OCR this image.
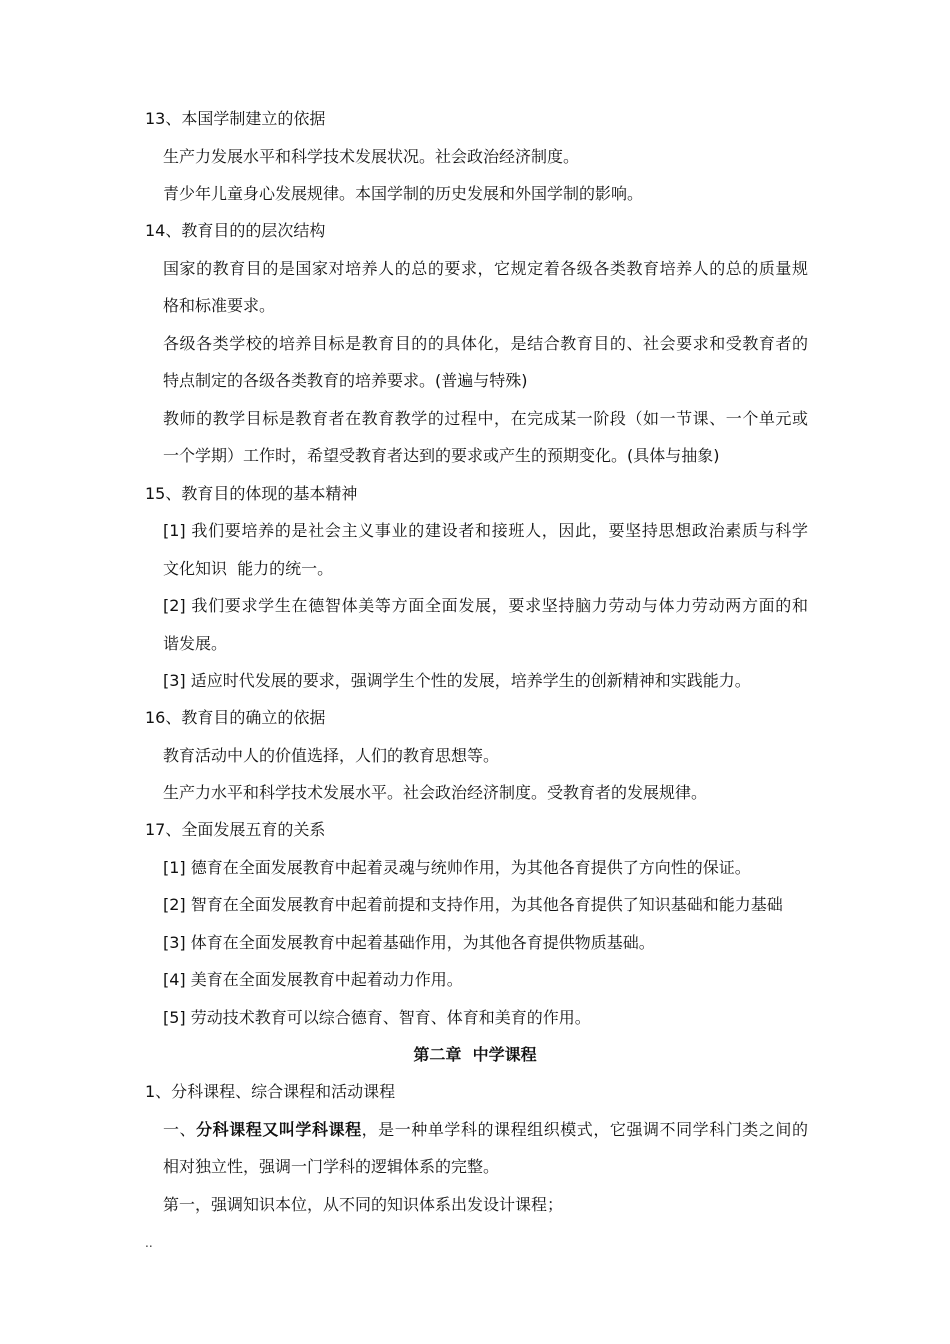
13、本国学制建立的依据
生产力发展水平和科学技术发展状况。社会政治经济制度。
青少年儿童身心发展规律。本国学制的历史发展和外国学制的影响。
14、教育目的的层次结构
国家的教育目的是国家对培养人的总的要求，它规定着各级各类教育培养人的总的质量规
格和标准要求。
各级各类学校的培养目标是教育目的的具体化，是结合教育目的、社会要求和受教育者的
特点制定的各级各类教育的培养要求。(普遍与特殊)
教师的教学目标是教育者在教育教学的过程中，在完成某一阶段（如一节课、一个单元或
一个学期）工作时，希望受教育者达到的要求或产生的预期变化。(具体与抽象)
15、教育目的体现的基本精神
[1] 我们要培养的是社会主义事业的建设者和接班人，因此，要坚持思想政治素质与科学
文化知识  能力的统一。
[2] 我们要求学生在德智体美等方面全面发展，要求坚持脑力劳动与体力劳动两方面的和
谐发展。
[3] 适应时代发展的要求，强调学生个性的发展，培养学生的创新精神和实践能力。
16、教育目的确立的依据
教育活动中人的价值选择，人们的教育思想等。
生产力水平和科学技术发展水平。社会政治经济制度。受教育者的发展规律。
17、全面发展五育的关系
[1] 德育在全面发展教育中起着灵魂与统帅作用，为其他各育提供了方向性的保证。
[2] 智育在全面发展教育中起着前提和支持作用，为其他各育提供了知识基础和能力基础
[3] 体育在全面发展教育中起着基础作用，为其他各育提供物质基础。
[4] 美育在全面发展教育中起着动力作用。
[5] 劳动技术教育可以综合德育、智育、体育和美育的作用。
第二章  中学课程
1、分科课程、综合课程和活动课程
一、分科课程又叫学科课程，是一种单学科的课程组织模式，它强调不同学科门类之间的
相对独立性，强调一门学科的逻辑体系的完整。
第一，强调知识本位，从不同的知识体系出发设计课程；
..
